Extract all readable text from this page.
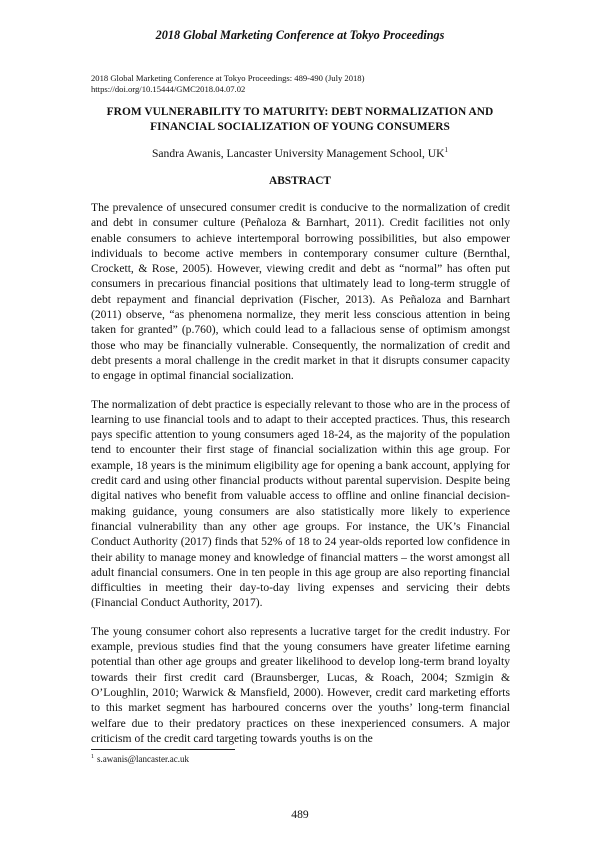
2018 Global Marketing Conference at Tokyo Proceedings
2018 Global Marketing Conference at Tokyo Proceedings: 489-490 (July 2018)
https://doi.org/10.15444/GMC2018.04.07.02
FROM VULNERABILITY TO MATURITY: DEBT NORMALIZATION AND
FINANCIAL SOCIALIZATION OF YOUNG CONSUMERS
Sandra Awanis, Lancaster University Management School, $UK^1$
ABSTRACT

The prevalence of unsecured consumer credit is conducive to the normalization of credit and debt in consumer culture (Peñaloza & Barnhart, 2011). Credit facilities not only enable consumers to achieve intertemporal borrowing possibilities, but also empower individuals to become active members in contemporary consumer culture (Bernthal, Crockett, & Rose, 2005). However, viewing credit and debt as “normal” has often put consumers in precarious financial positions that ultimately lead to long-term struggle of debt repayment and financial deprivation (Fischer, 2013). As Peñaloza and Barnhart (2011) observe, “as phenomena normalize, they merit less conscious attention in being taken for granted” (p.760), which could lead to a fallacious sense of optimism amongst those who may be financially vulnerable. Consequently, the normalization of credit and debt presents a moral challenge in the credit market in that it disrupts consumer capacity to engage in optimal financial socialization.

The normalization of debt practice is especially relevant to those who are in the process of learning to use financial tools and to adapt to their accepted practices. Thus, this research pays specific attention to young consumers aged 18-24, as the majority of the population tend to encounter their first stage of financial socialization within this age group. For example, 18 years is the minimum eligibility age for opening a bank account, applying for credit card and using other financial products without parental supervision. Despite being digital natives who benefit from valuable access to offline and online financial decision-making guidance, young consumers are also statistically more likely to experience financial vulnerability than any other age groups. For instance, the UK’s Financial Conduct Authority (2017) finds that 52% of 18 to 24 year-olds reported low confidence in their ability to manage money and knowledge of financial matters – the worst amongst all adult financial consumers. One in ten people in this age group are also reporting financial difficulties in meeting their day-to-day living expenses and servicing their debts (Financial Conduct Authority, 2017).

The young consumer cohort also represents a lucrative target for the credit industry. For example, previous studies find that the young consumers have greater lifetime earning potential than other age groups and greater likelihood to develop long-term brand loyalty towards their first credit card (Braunsberger, Lucas, & Roach, 2004; Szmigin & O’Loughlin, 2010; Warwick & Mansfield, 2000). However, credit card marketing efforts to this market segment has harboured concerns over the youths’ long-term financial welfare due to their predatory practices on these inexperienced consumers. A major criticism of the credit card targeting towards youths is on the

$^1$ s.awanis@lancaster.ac.uk
489
